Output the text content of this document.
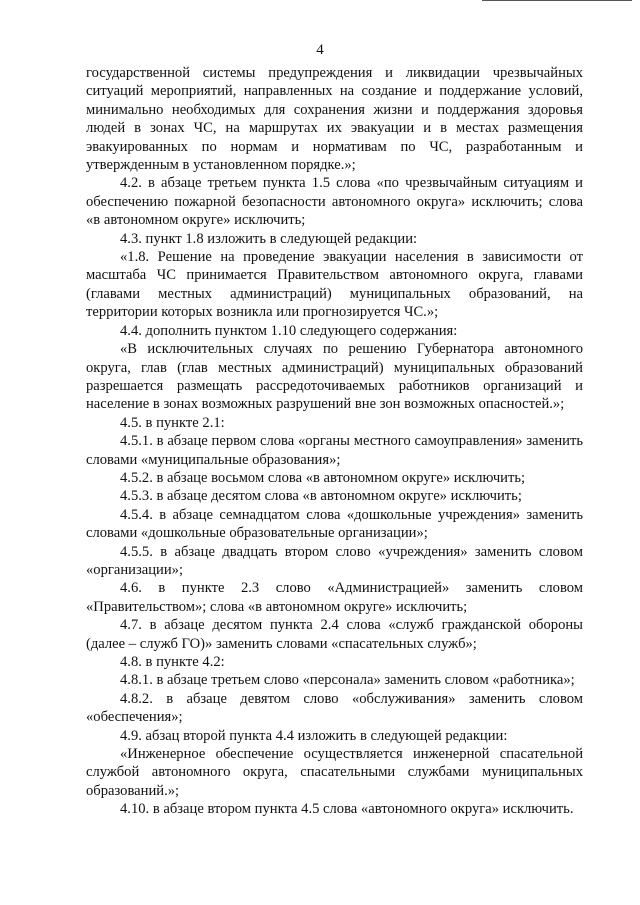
4

государственной системы предупреждения и ликвидации чрезвычайных ситуаций мероприятий, направленных на создание и поддержание условий, минимально необходимых для сохранения жизни и поддержания здоровья людей в зонах ЧС, на маршрутах их эвакуации и в местах размещения эвакуированных по нормам и нормативам по ЧС, разработанным и утвержденным в установленном порядке.»;

4.2. в абзаце третьем пункта 1.5 слова «по чрезвычайным ситуациям и обеспечению пожарной безопасности автономного округа» исключить; слова «в автономном округе» исключить;

4.3. пункт 1.8 изложить в следующей редакции:

«1.8. Решение на проведение эвакуации населения в зависимости от масштаба ЧС принимается Правительством автономного округа, главами (главами местных администраций) муниципальных образований, на территории которых возникла или прогнозируется ЧС.»;

4.4. дополнить пунктом 1.10 следующего содержания:

«В исключительных случаях по решению Губернатора автономного округа, глав (глав местных администраций) муниципальных образований разрешается размещать рассредоточиваемых работников организаций и население в зонах возможных разрушений вне зон возможных опасностей.»;

4.5. в пункте 2.1:

4.5.1. в абзаце первом слова «органы местного самоуправления» заменить словами «муниципальные образования»;

4.5.2. в абзаце восьмом слова «в автономном округе» исключить;

4.5.3. в абзаце десятом слова «в автономном округе» исключить;

4.5.4. в абзаце семнадцатом слова «дошкольные учреждения» заменить словами «дошкольные образовательные организации»;

4.5.5. в абзаце двадцать втором слово «учреждения» заменить словом «организации»;

4.6. в пункте 2.3 слово «Администрацией» заменить словом «Правительством»; слова «в автономном округе» исключить;

4.7. в абзаце десятом пункта 2.4 слова «служб гражданской обороны (далее – служб ГО)» заменить словами «спасательных служб»;

4.8. в пункте 4.2:

4.8.1. в абзаце третьем слово «персонала» заменить словом «работника»;

4.8.2. в абзаце девятом слово «обслуживания» заменить словом «обеспечения»;

4.9. абзац второй пункта 4.4 изложить в следующей редакции:

«Инженерное обеспечение осуществляется инженерной спасательной службой автономного округа, спасательными службами муниципальных образований.»;

4.10. в абзаце втором пункта 4.5 слова «автономного округа» исключить.
